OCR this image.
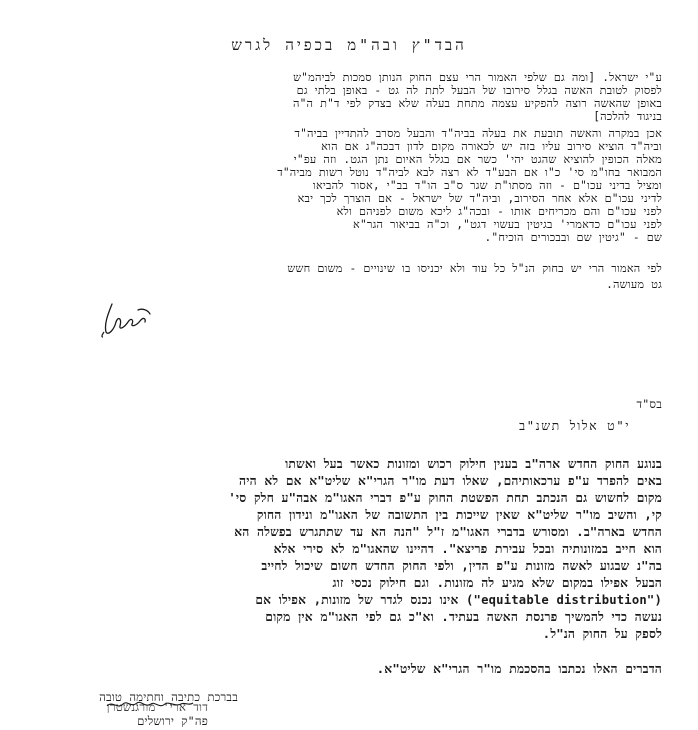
הבד"ץ ובה"מ בכפיה לגרש
ע"י ישראל. [ומה גם שלפי האמור הרי עצם החוק הנותן סמכות לביהמ"ש
לפסוק לטובת האשה בגלל סירובו של הבעל לתת לה גט - באופן בלתי גם
באופן שהאשה רוצה להפקיע עצמה מתחת בעלה שלא בצדק לפי ד"ת ה"ה
בניגוד להלכה]
אכן במקרה והאשה תובעת את בעלה בביה"ד והבעל מסרב להתדיין בביה"ד
וביה"ד הוציא סירוב עליו בזה יש לכאורה מקום לדון דבכה"ג אם הוא
מאלה הכופין להוציא שהגט יהי' כשר אם בגלל האיום נתן הגט. וזה עפ"י
המבואר בחו"מ סי' כ"ו אם הבע"ד לא רצה לבא לביה"ד נוטל רשות מביה"ד
ומציל בדיני עכו"ם - וזה מסתו"ת שגר ס"ב הו"ד בב"י ,אסור להביאו
לדיני עכו"ם אלא אחר הסירוב, וביה"ד של ישראל - אם הוצרך לכך יבא
לפני עכו"ם והם מכריחים אותו - ובכה"ג ליכא משום לפניהם ולא
לפני עכו"ם כדאמרי' בגיטין בעשוי דגט", וכ"ה בביאור הגר"א
שם - "גיטין שם ובבכורים הוכיח".
לפי האמור הרי יש בחוק הנ"ל כל עוד ולא יכניסו בו שינויים - משום חשש
גט מעושה.
בס"ד
י"ט אלול תשנ"ב
בנוגע החוק החדש ארה"ב בענין חילוק רכוש ומזונות כאשר בעל ואשתו
באים להפרד ע"פ ערכאותיהם, שאלו דעת מו"ר הגרי"א שליט"א אם לא היה
מקום לחשוש גם הנכתב תחת הפשטת החוק ע"פ דברי האגו"מ אבה"ע חלק סי'
קי, והשיב מו"ר שליט"א שאין שייכות בין התשובה של האגו"מ ונידון החוק
החדש בארה"ב. ומסורש בדברי האגו"מ ז"ל "הנה הא עד שתתגרש בפשלה הא
הוא חייב במזונותיה ובכל עבירת פריצא". דהיינו שהאגו"מ לא סירי אלא
בה"נ שבגוע לאשה מזונות ע"פ הדין, ולפי החוק החדש חשום שיכול לחייב
הבעל אפילו במקום שלא מגיע לה מזונות. וגם חילוק נכסי זוג
("equitable distribution") אינו נכנס לגדר של מזונות, אפילו אם
נעשה כדי להמשיך פרנסת האשה בעתיד. וא"כ גם לפי האגו"מ אין מקום
לספק על החוק הנ"ל.
הדברים האלו נכתבו בהסכמת מו"ר הגרי"א שליט"א.
בברכת כתיבה וחתימה טובה
דוד ארי' מורגנשטרן
פה"ק ירושלים
